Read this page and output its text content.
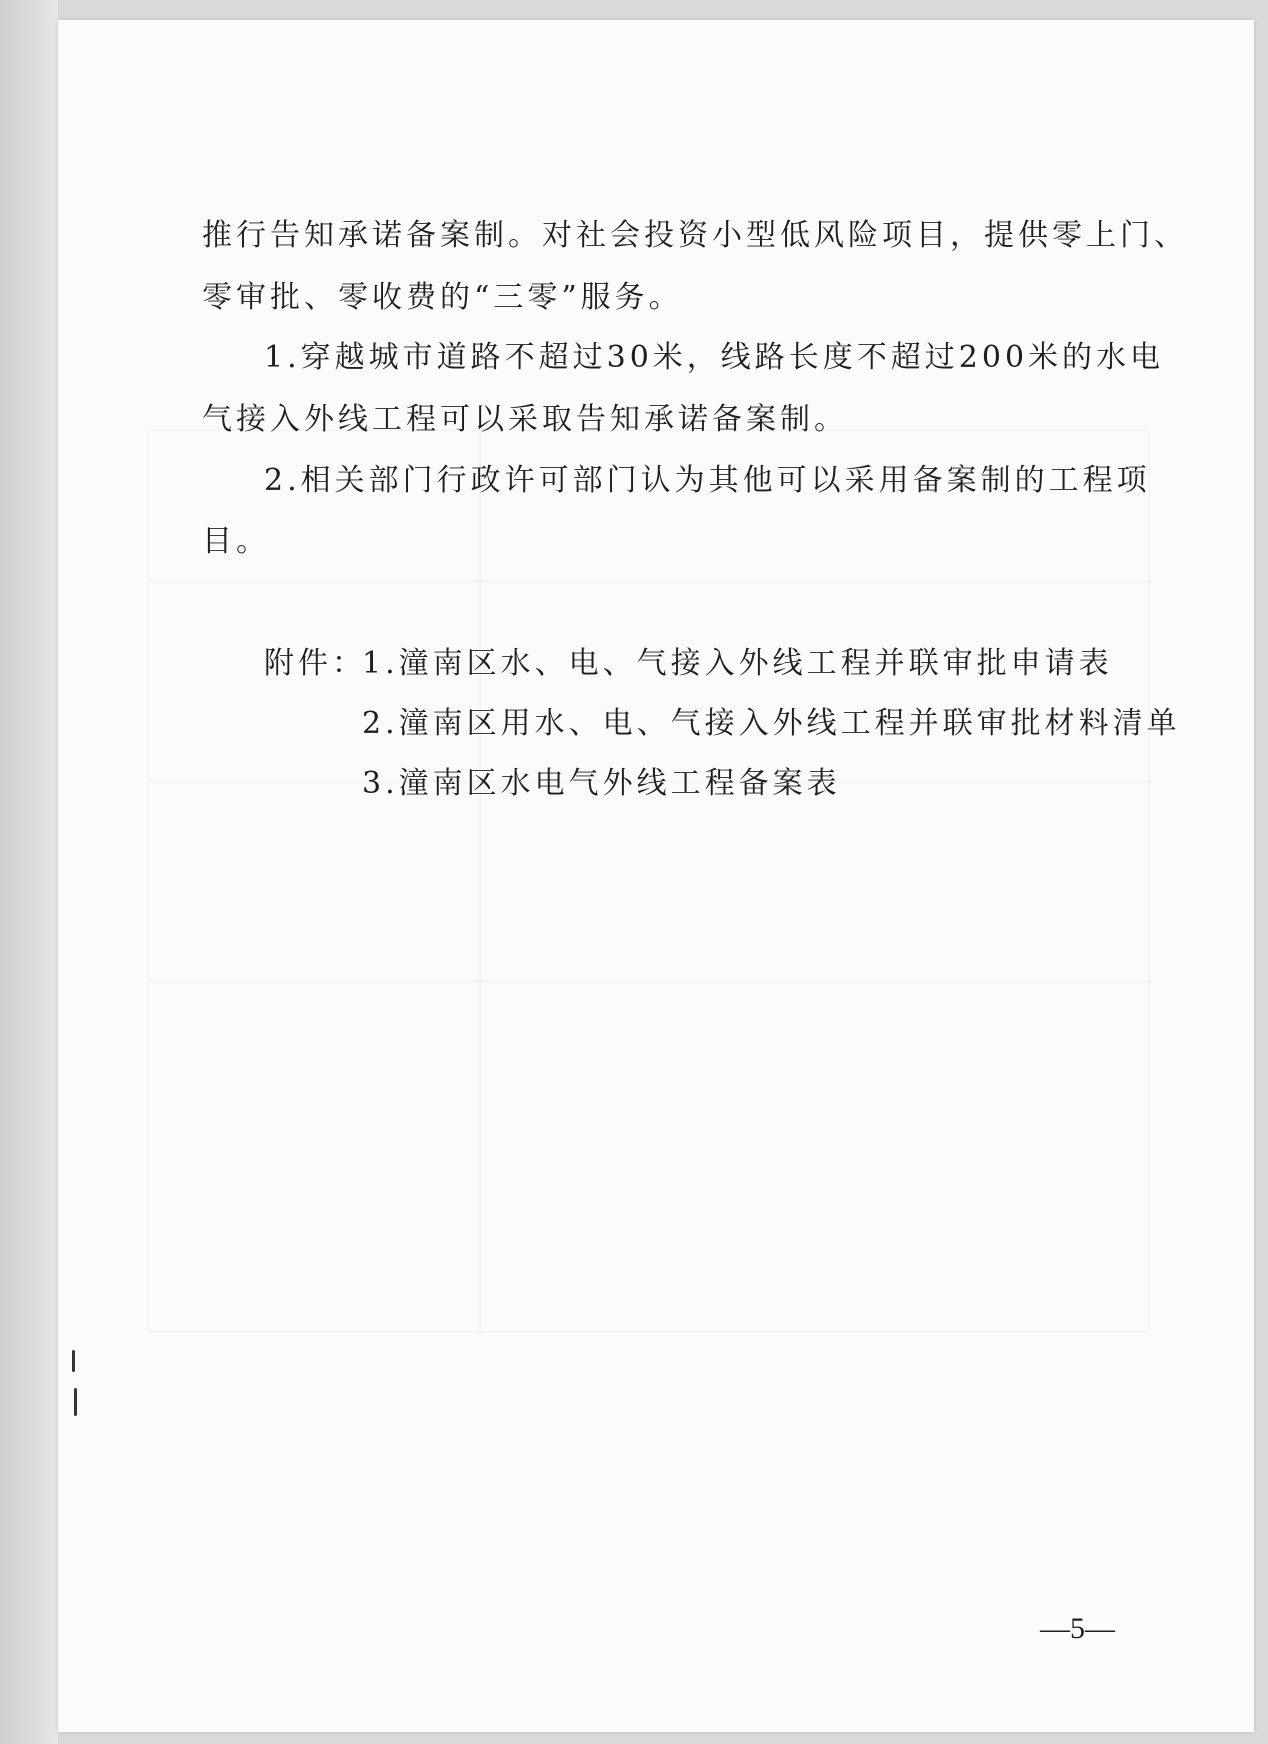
推行告知承诺备案制。对社会投资小型低风险项目，提供零上门、
零审批、零收费的“三零”服务。
1.穿越城市道路不超过30米，线路长度不超过200米的水电
气接入外线工程可以采取告知承诺备案制。
2.相关部门行政许可部门认为其他可以采用备案制的工程项
目。
附件：
1.潼南区水、电、气接入外线工程并联审批申请表
2.潼南区用水、电、气接入外线工程并联审批材料清单
3.潼南区水电气外线工程备案表
—5—
